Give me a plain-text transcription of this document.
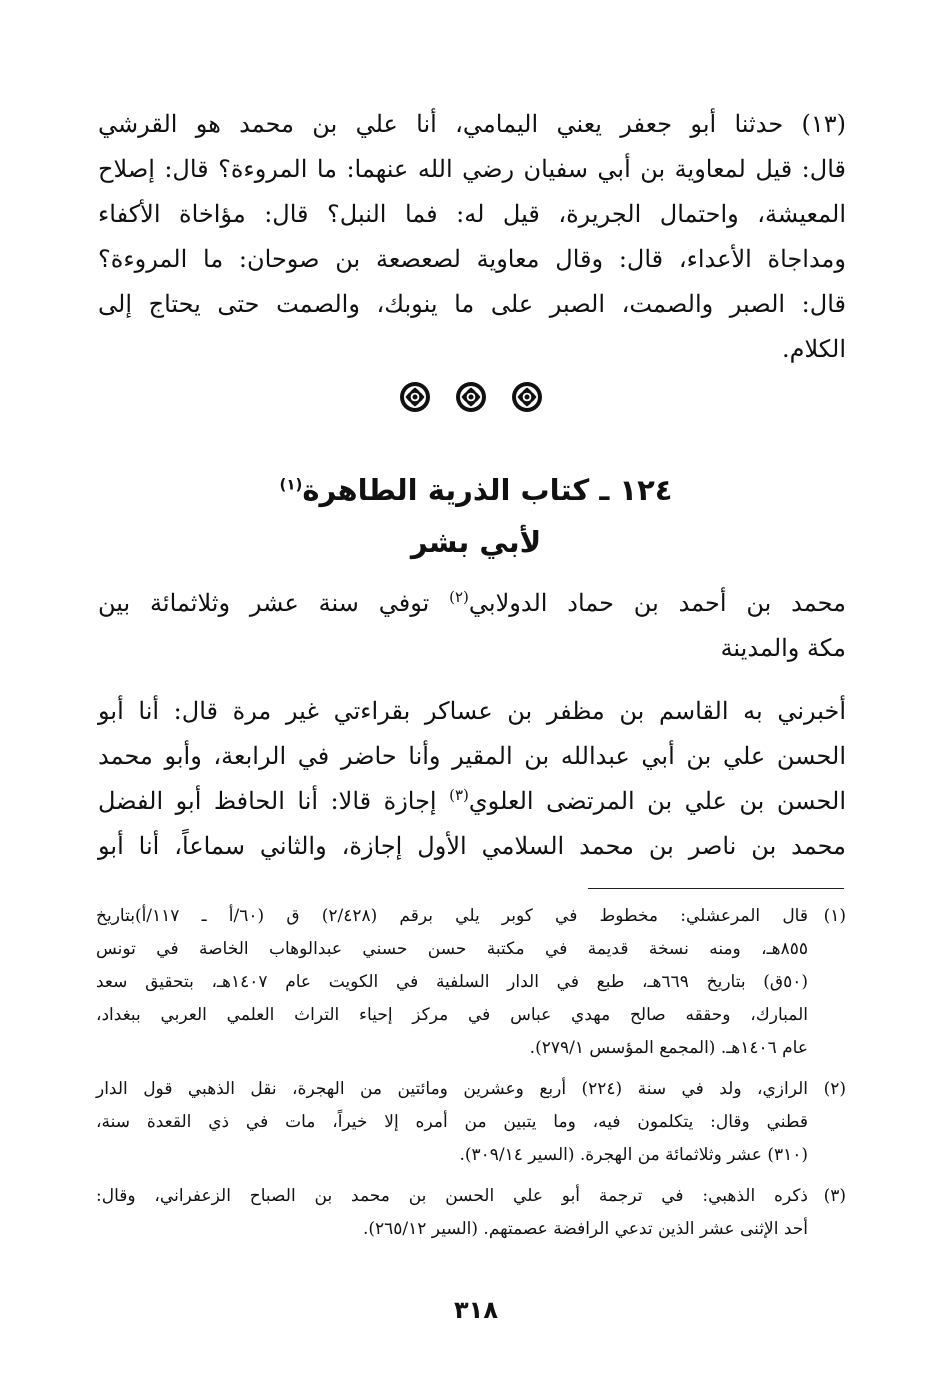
(١٣) حدثنا أبو جعفر يعني اليمامي، أنا علي بن محمد هو القرشي
قال: قيل لمعاوية بن أبي سفيان رضي الله عنهما: ما المروءة؟ قال: إصلاح
المعيشة، واحتمال الجريرة، قيل له: فما النبل؟ قال: مؤاخاة الأكفاء
ومداجاة الأعداء، قال: وقال معاوية لصعصعة بن صوحان: ما المروءة؟
قال: الصبر والصمت، الصبر على ما ينوبك، والصمت حتى يحتاج إلى
الكلام.
١٢٤ ـ كتاب الذرية الطاهرة$^{(١)}$
لأبي بشر
محمد بن أحمد بن حماد الدولابي$^{(٢)}$ توفي سنة عشر وثلاثمائة بين
مكة والمدينة
أخبرني به القاسم بن مظفر بن عساكر بقراءتي غير مرة قال: أنا أبو
الحسن علي بن أبي عبدالله بن المقير وأنا حاضر في الرابعة، وأبو محمد
الحسن بن علي بن المرتضى العلوي$^{(٣)}$ إجازة قالا: أنا الحافظ أبو الفضل
محمد بن ناصر بن محمد السلامي الأول إجازة، والثاني سماعاً، أنا أبو
(١)
قال المرعشلي: مخطوط في كوبر يلي برقم (٢/٤٢٨) ق (٦٠/أ ـ ١١٧/أ)بتاريخ
٨٥٥هـ، ومنه نسخة قديمة في مكتبة حسن حسني عبدالوهاب الخاصة في تونس
(٥٠ق) بتاريخ ٦٦٩هـ، طبع في الدار السلفية في الكويت عام ١٤٠٧هـ، بتحقيق سعد
المبارك، وحققه صالح مهدي عباس في مركز إحياء التراث العلمي العربي ببغداد،
عام ١٤٠٦هـ. (المجمع المؤسس ٢٧٩/١).
(٢)
الرازي، ولد في سنة (٢٢٤) أربع وعشرين ومائتين من الهجرة، نقل الذهبي قول الدار
قطني وقال: يتكلمون فيه، وما يتبين من أمره إلا خيراً، مات في ذي القعدة سنة،
(٣١٠) عشر وثلاثمائة من الهجرة. (السير ٣٠٩/١٤).
(٣)
ذكره الذهبي: في ترجمة أبو علي الحسن بن محمد بن الصباح الزعفراني، وقال:
أحد الإثنى عشر الذين تدعي الرافضة عصمتهم. (السير ٢٦٥/١٢).
٣١٨
